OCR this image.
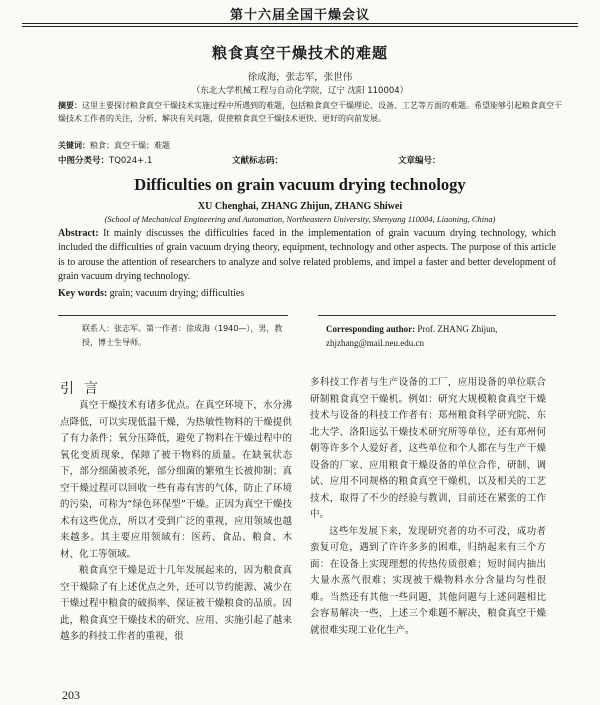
第十六届全国干燥会议
粮食真空干燥技术的难题
徐成海，张志军，张世伟
（东北大学机械工程与自动化学院，辽宁 沈阳 110004）
摘要：这里主要探讨粮食真空干燥技术实施过程中所遇到的难题，包括粮食真空干燥理论、设备、工艺等方面的难题。希望能够引起粮食真空干燥技术工作者的关注，分析、解决有关问题，促使粮食真空干燥技术更快、更好的向前发展。
关键词：粮食；真空干燥；难题
中图分类号：TQ024+.1	文献标志码：	文章编号：
Difficulties on grain vacuum drying technology
XU Chenghai, ZHANG Zhijun, ZHANG Shiwei
(School of Mechanical Engineering and Automation, Northeastern University, Shenyang 110004, Liaoning, China)
Abstract: It mainly discusses the difficulties faced in the implementation of grain vacuum drying technology, which included the difficulties of grain vacuum drying theory, equipment, technology and other aspects. The purpose of this article is to arouse the attention of researchers to analyze and solve related problems, and impel a faster and better development of grain vacuum drying technology.
Key words: grain; vacuum drying; difficulties
联系人：张志军。第一作者：徐成海（1940—），男，教授，博士生导师。
Corresponding author: Prof. ZHANG Zhijun,
zhjzhang@mail.neu.edu.cn
引言

真空干燥技术有诸多优点。在真空环境下，水分沸点降低，可以实现低温干燥，为热敏性物料的干燥提供了有力条件；氧分压降低，避免了物料在干燥过程中的氧化变质现象，保障了被干物料的质量。在缺氧状态下，部分细菌被杀死，部分细菌的繁殖生长被抑制；真空干燥过程可以回收一些有毒有害的气体，防止了环境的污染，可称为“绿色环保型”干燥。正因为真空干燥技术有这些优点，所以才受到广泛的重视，应用领域也越来越多。其主要应用领域有：医药、食品、粮食、木材、化工等领域。

粮食真空干燥是近十几年发展起来的，因为粮食真空干燥除了有上述优点之外，还可以节约能源、减少在干燥过程中粮食的破损率、保证被干燥粮食的品质。因此，粮食真空干燥技术的研究、应用、实施引起了越来越多的科技工作者的重视，很

多科技工作者与生产设备的工厂，应用设备的单位联合研制粮食真空干燥机。例如：研究大规模粮食真空干燥技术与设备的科技工作者有：郑州粮食科学研究院、东北大学、洛阳远弘干燥技术研究所等单位，还有郑州何朝等许多个人爱好者，这些单位和个人都在与生产干燥设备的厂家、应用粮食干燥设备的单位合作，研制、调试、应用不同规格的粮食真空干燥机，以及相关的工艺技术，取得了不少的经验与教训，目前还在紧张的工作中。

这些年发展下来，发现研究者的功不可没，成功者蛮复可危，遇到了许许多多的困难，归纳起来有三个方面：在设备上实现理想的传热传质很难；短时间内抽出大量水蒸气很难；实现被干燥物料水分含量均匀性很难。当然还有其他一些问题，其他问题与上述问题相比会容易解决一些，上述三个难题不解决，粮食真空干燥就很难实现工业化生产。

203
